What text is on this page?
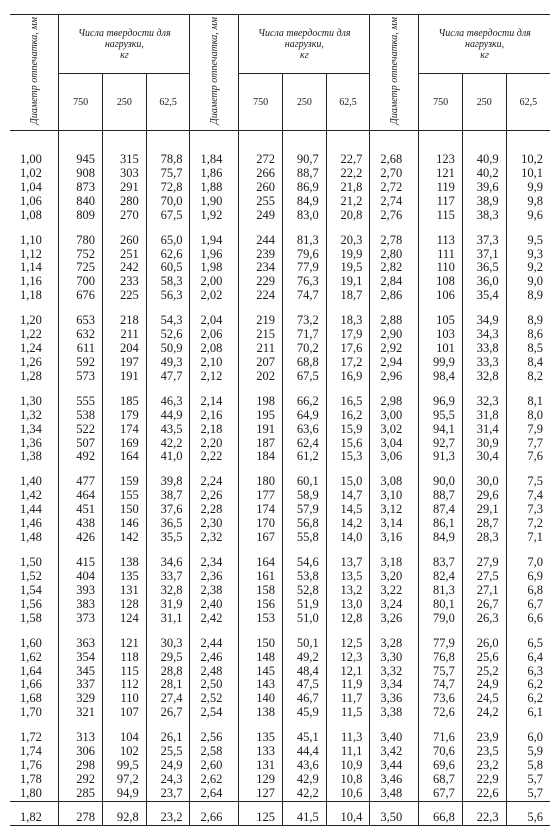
Диаметр отпечатка, мм	Числа твердости для нагрузки,
кг			Диаметр отпечатка, мм	Числа твердости для нагрузки,
кг			Диаметр отпечатка, мм	Числа твердости для нагрузки,
кг		
	750	250	62,5		750	250	62,5		750	250	62,5

1,00	945	315	78,8	1,84	272	90,7	22,7	2,68	123	40,9	10,2
1,02	908	303	75,7	1,86	266	88,7	22,2	2,70	121	40,2	10,1
1,04	873	291	72,8	1,88	260	86,9	21,8	2,72	119	39,6	9,9
1,06	840	280	70,0	1,90	255	84,9	21,2	2,74	117	38,9	9,8
1,08	809	270	67,5	1,92	249	83,0	20,8	2,76	115	38,3	9,6
1,10	780	260	65,0	1,94	244	81,3	20,3	2,78	113	37,3	9,5
1,12	752	251	62,6	1,96	239	79,6	19,9	2,80	111	37,1	9,3
1,14	725	242	60,5	1,98	234	77,9	19,5	2,82	110	36,5	9,2
1,16	700	233	58,3	2,00	229	76,3	19,1	2,84	108	36,0	9,0
1,18	676	225	56,3	2,02	224	74,7	18,7	2,86	106	35,4	8,9
1,20	653	218	54,3	2,04	219	73,2	18,3	2,88	105	34,9	8,9
1,22	632	211	52,6	2,06	215	71,7	17,9	2,90	103	34,3	8,6
1,24	611	204	50,9	2,08	211	70,2	17,6	2,92	101	33,8	8,5
1,26	592	197	49,3	2,10	207	68,8	17,2	2,94	99,9	33,3	8,4
1,28	573	191	47,7	2,12	202	67,5	16,9	2,96	98,4	32,8	8,2
1,30	555	185	46,3	2,14	198	66,2	16,5	2,98	96,9	32,3	8,1
1,32	538	179	44,9	2,16	195	64,9	16,2	3,00	95,5	31,8	8,0
1,34	522	174	43,5	2,18	191	63,6	15,9	3,02	94,1	31,4	7,9
1,36	507	169	42,2	2,20	187	62,4	15,6	3,04	92,7	30,9	7,7
1,38	492	164	41,0	2,22	184	61,2	15,3	3,06	91,3	30,4	7,6
1,40	477	159	39,8	2,24	180	60,1	15,0	3,08	90,0	30,0	7,5
1,42	464	155	38,7	2,26	177	58,9	14,7	3,10	88,7	29,6	7,4
1,44	451	150	37,6	2,28	174	57,9	14,5	3,12	87,4	29,1	7,3
1,46	438	146	36,5	2,30	170	56,8	14,2	3,14	86,1	28,7	7,2
1,48	426	142	35,5	2,32	167	55,8	14,0	3,16	84,9	28,3	7,1
1,50	415	138	34,6	2,34	164	54,6	13,7	3,18	83,7	27,9	7,0
1,52	404	135	33,7	2,36	161	53,8	13,5	3,20	82,4	27,5	6,9
1,54	393	131	32,8	2,38	158	52,8	13,2	3,22	81,3	27,1	6,8
1,56	383	128	31,9	2,40	156	51,9	13,0	3,24	80,1	26,7	6,7
1,58	373	124	31,1	2,42	153	51,0	12,8	3,26	79,0	26,3	6,6
1,60	363	121	30,3	2,44	150	50,1	12,5	3,28	77,9	26,0	6,5
1,62	354	118	29,5	2,46	148	49,2	12,3	3,30	76,8	25,6	6,4
1,64	345	115	28,8	2,48	145	48,4	12,1	3,32	75,7	25,2	6,3
1,66	337	112	28,1	2,50	143	47,5	11,9	3,34	74,7	24,9	6,2
1,68	329	110	27,4	2,52	140	46,7	11,7	3,36	73,6	24,5	6,2
1,70	321	107	26,7	2,54	138	45,9	11,5	3,38	72,6	24,2	6,1
1,72	313	104	26,1	2,56	135	45,1	11,3	3,40	71,6	23,9	6,0
1,74	306	102	25,5	2,58	133	44,4	11,1	3,42	70,6	23,5	5,9
1,76	298	99,5	24,9	2,60	131	43,6	10,9	3,44	69,6	23,2	5,8
1,78	292	97,2	24,3	2,62	129	42,9	10,8	3,46	68,7	22,9	5,7
1,80	285	94,9	23,7	2,64	127	42,2	10,6	3,48	67,7	22,6	5,7
1,82	278	92,8	23,2	2,66	125	41,5	10,4	3,50	66,8	22,3	5,6
